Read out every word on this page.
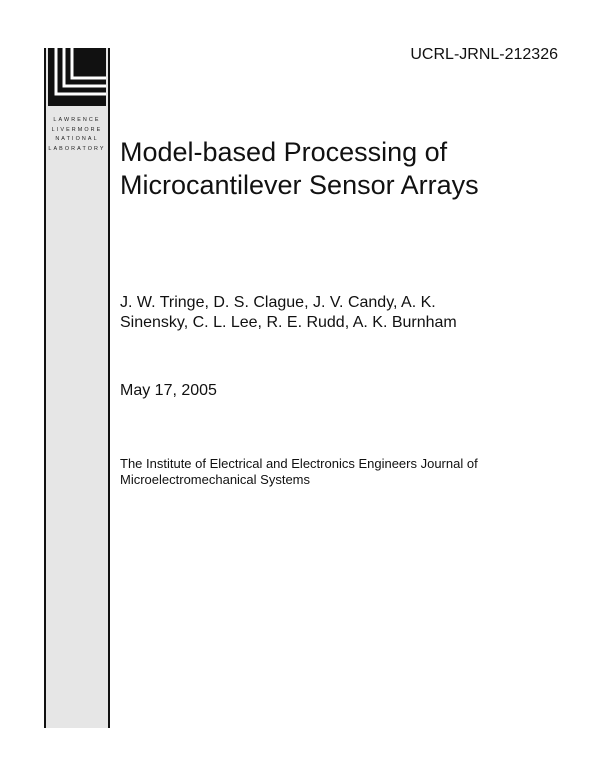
LAWRENCE
LIVERMORE
NATIONAL
LABORATORY
UCRL-JRNL-212326
Model-based Processing of
Microcantilever Sensor Arrays

J. W. Tringe, D. S. Clague, J. V. Candy, A. K.
Sinensky, C. L. Lee, R. E. Rudd, A. K. Burnham

May 17, 2005

The Institute of Electrical and Electronics Engineers Journal of
Microelectromechanical Systems
